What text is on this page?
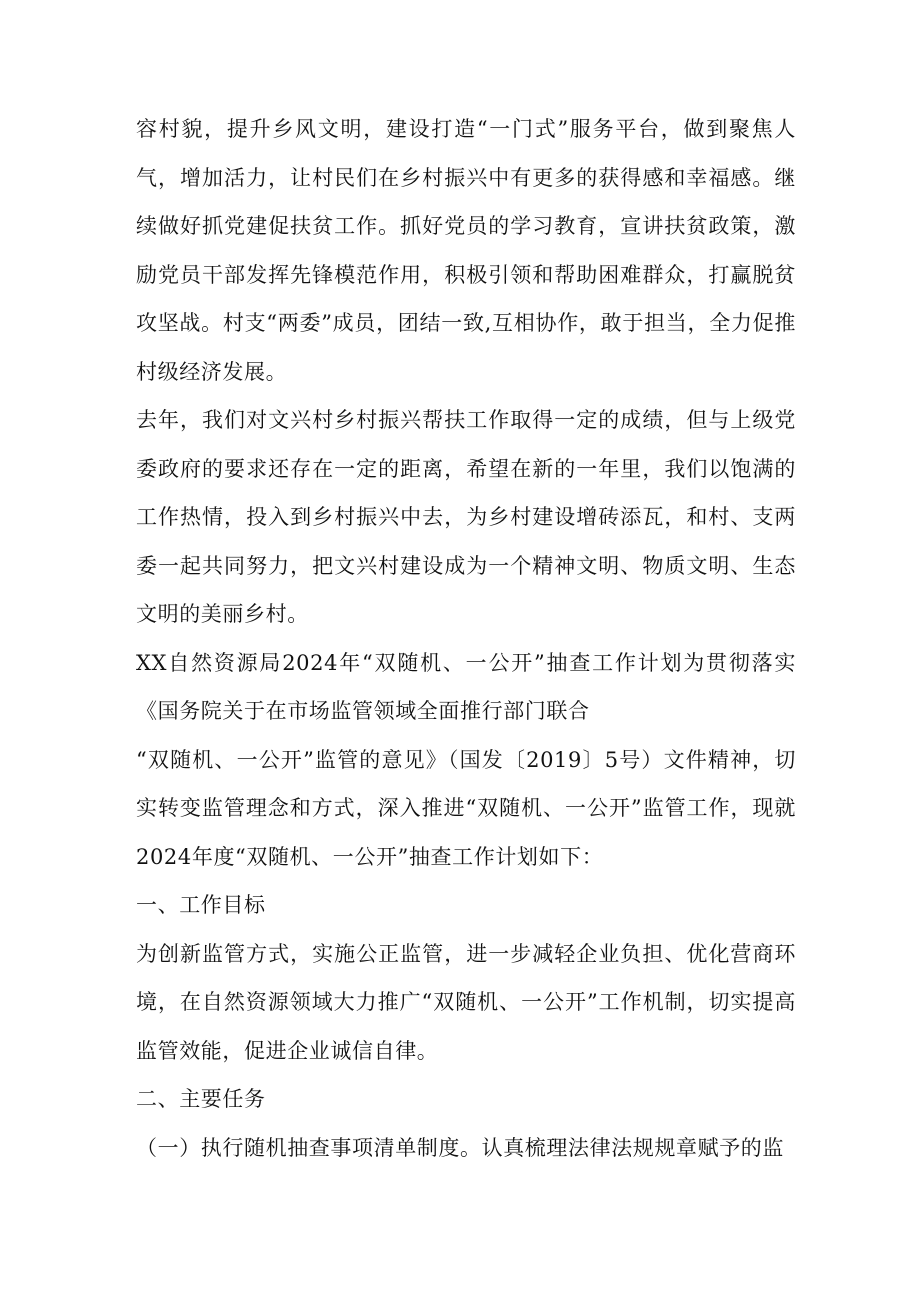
容村貌，提升乡风文明，建设打造“一门式”服务平台，做到聚焦人气，增加活力，让村民们在乡村振兴中有更多的获得感和幸福感。继续做好抓党建促扶贫工作。抓好党员的学习教育，宣讲扶贫政策，激励党员干部发挥先锋模范作用，积极引领和帮助困难群众，打赢脱贫攻坚战。村支“两委”成员，团结一致,互相协作，敢于担当，全力促推村级经济发展。

去年，我们对文兴村乡村振兴帮扶工作取得一定的成绩，但与上级党委政府的要求还存在一定的距离，希望在新的一年里，我们以饱满的工作热情，投入到乡村振兴中去，为乡村建设增砖添瓦，和村、支两委一起共同努力，把文兴村建设成为一个精神文明、物质文明、生态文明的美丽乡村。

XX自然资源局2024年“双随机、一公开”抽查工作计划为贯彻落实《国务院关于在市场监管领域全面推行部门联合

“双随机、一公开”监管的意见》（国发〔2019〕5号）文件精神，切实转变监管理念和方式，深入推进“双随机、一公开”监管工作，现就2024年度“双随机、一公开”抽查工作计划如下：

一、工作目标

为创新监管方式，实施公正监管，进一步减轻企业负担、优化营商环境，在自然资源领域大力推广“双随机、一公开”工作机制，切实提高监管效能，促进企业诚信自律。

二、主要任务

（一）执行随机抽查事项清单制度。认真梳理法律法规规章赋予的监
